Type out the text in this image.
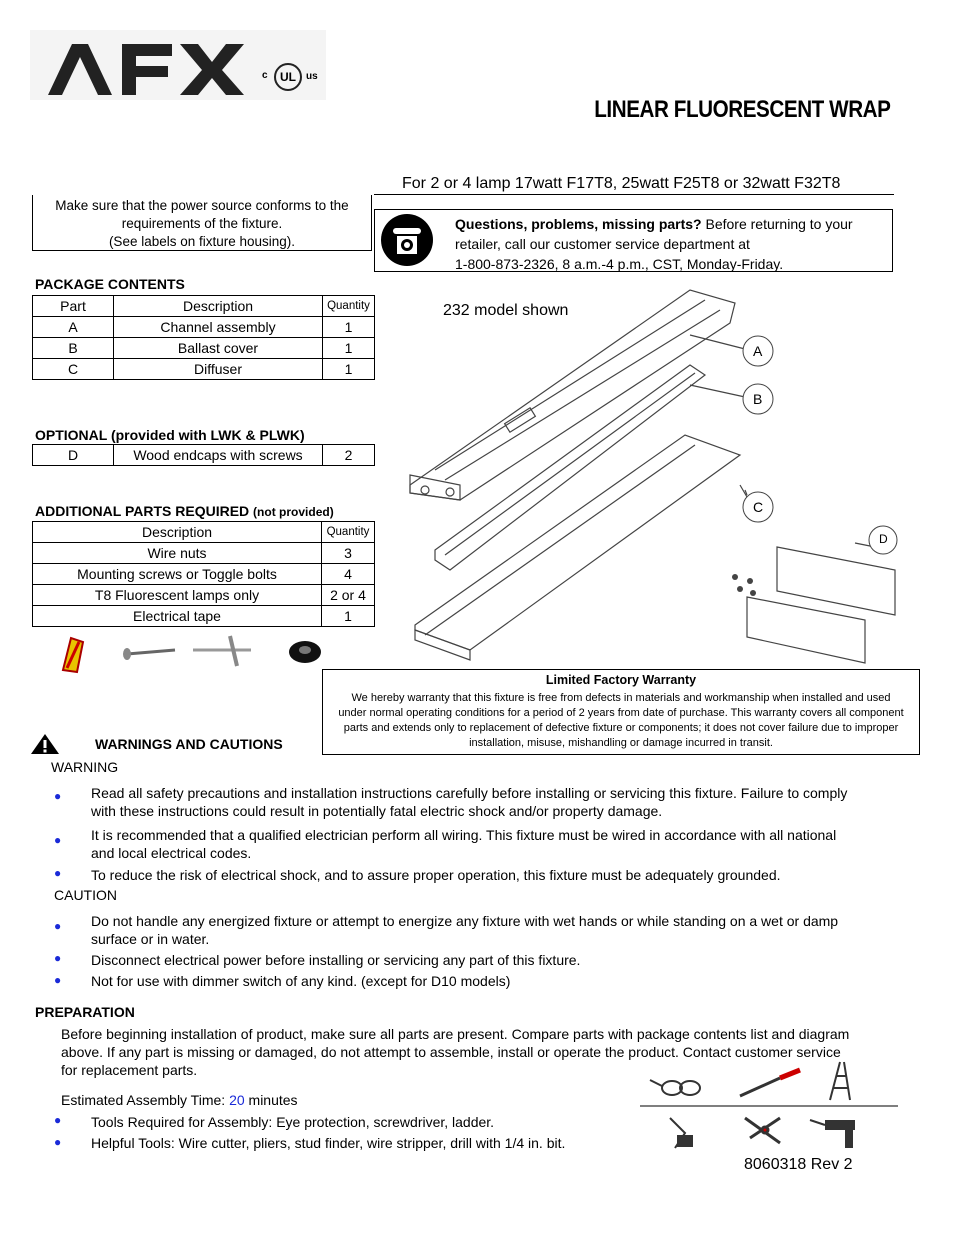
c	UL	us
LINEAR FLUORESCENT WRAP
For 2 or 4 lamp 17watt F17T8, 25watt F25T8 or 32watt F32T8
Make sure that the power source conforms to the
requirements of the fixture.
(See labels on fixture housing).
Questions, problems, missing parts? Before returning to your
retailer, call our customer service department at
1-800-873-2326, 8 a.m.-4 p.m., CST, Monday-Friday.
PACKAGE CONTENTS
Part	Description	Quantity
A	Channel assembly	1
B	Ballast cover	1
C	Diffuser	1
OPTIONAL (provided with LWK & PLWK)
D	Wood endcaps with screws	2
ADDITIONAL PARTS REQUIRED (not provided)
Description	Quantity
Wire nuts	3
Mounting screws or Toggle bolts	4
T8 Fluorescent lamps only	2 or 4
Electrical tape	1
232 model shown
A
B
C
D
Limited Factory Warranty
We hereby warranty that this fixture is free from defects in materials and workmanship when installed and used
under normal operating conditions for a period of 2 years from date of purchase. This warranty covers all component
parts and extends only to replacement of defective fixture or components; it does not cover failure due to improper
installation, misuse, mishandling or damage incurred in transit.
WARNINGS AND CAUTIONS
WARNING
● Read all safety precautions and installation instructions carefully before installing or servicing this fixture. Failure to comply
with these instructions could result in potentially fatal electric shock and/or property damage.
● It is recommended that a qualified electrician perform all wiring. This fixture must be wired in accordance with all national
and local electrical codes.
● To reduce the risk of electrical shock, and to assure proper operation, this fixture must be adequately grounded.
CAUTION
● Do not handle any energized fixture or attempt to energize any fixture with wet hands or while standing on a wet or damp
surface or in water.
● Disconnect electrical power before installing or servicing any part of this fixture.
● Not for use with dimmer switch of any kind. (except for D10 models)
PREPARATION
Before beginning installation of product, make sure all parts are present. Compare parts with package contents list and diagram
above. If any part is missing or damaged, do not attempt to assemble, install or operate the product. Contact customer service
for replacement parts.
Estimated Assembly Time: 20 minutes
● Tools Required for Assembly: Eye protection, screwdriver, ladder.
● Helpful Tools: Wire cutter, pliers, stud finder, wire stripper, drill with 1/4 in. bit.
8060318 Rev 2
